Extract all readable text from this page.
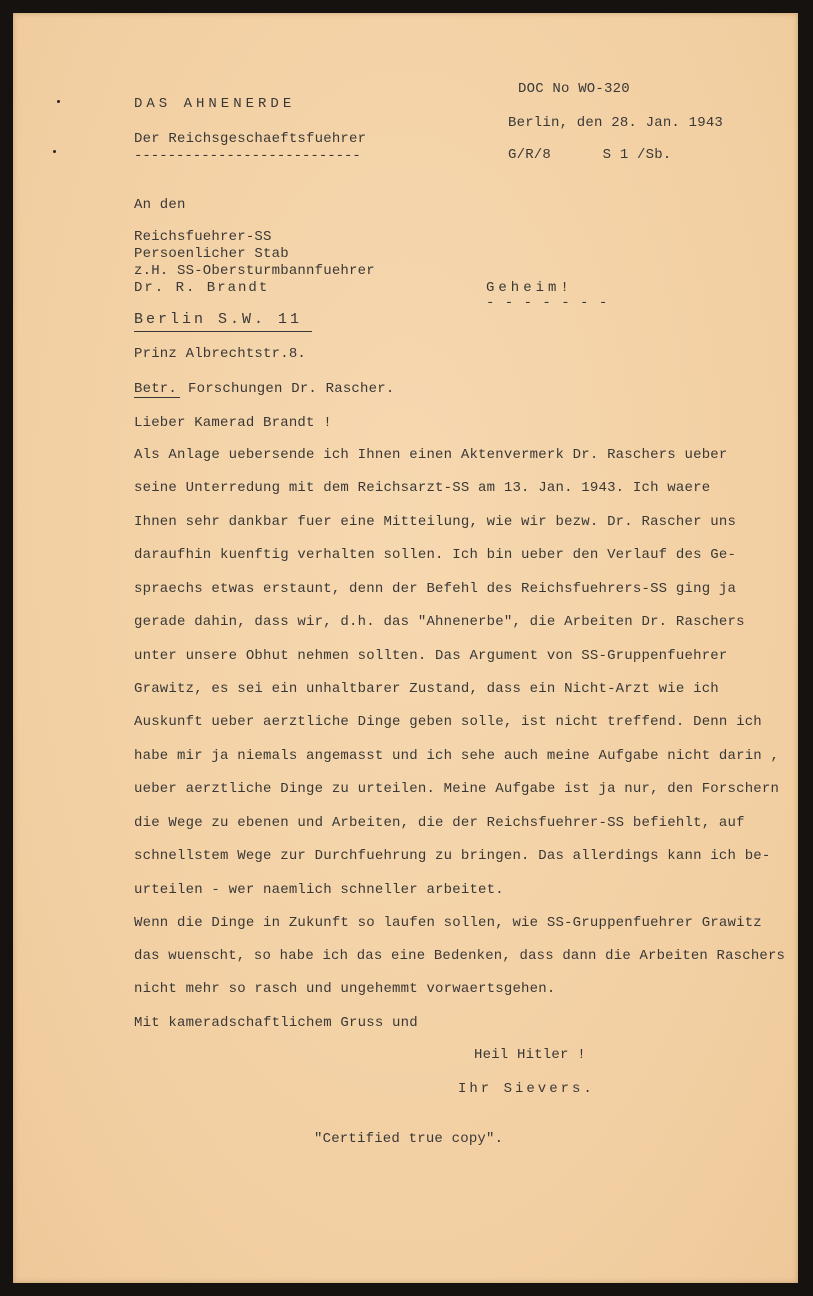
DAS AHNENERDE
Der Reichsgeschaeftsfuehrer
---------------------------
DOC No WO-320
Berlin, den 28. Jan. 1943
G/R/8      S 1 /Sb.
An den
Reichsfuehrer-SS
Persoenlicher Stab
z.H. SS-Obersturmbannfuehrer
Dr. R. Brandt
Berlin S.W. 11
Prinz Albrechtstr.8.
Geheim!
- - - - - - -
Betr. Forschungen Dr. Rascher.
Lieber Kamerad Brandt !
Als Anlage uebersende ich Ihnen einen Aktenvermerk Dr. Raschers ueber
seine Unterredung mit dem Reichsarzt-SS am 13. Jan. 1943. Ich waere
Ihnen sehr dankbar fuer eine Mitteilung, wie wir bezw. Dr. Rascher uns
daraufhin kuenftig verhalten sollen. Ich bin ueber den Verlauf des Ge-
spraechs etwas erstaunt, denn der Befehl des Reichsfuehrers-SS ging ja
gerade dahin, dass wir, d.h. das "Ahnenerbe", die Arbeiten Dr. Raschers
unter unsere Obhut nehmen sollten. Das Argument von SS-Gruppenfuehrer
Grawitz, es sei ein unhaltbarer Zustand, dass ein Nicht-Arzt wie ich
Auskunft ueber aerztliche Dinge geben solle, ist nicht treffend. Denn ich
habe mir ja niemals angemasst und ich sehe auch meine Aufgabe nicht darin ,
ueber aerztliche Dinge zu urteilen. Meine Aufgabe ist ja nur, den Forschern
die Wege zu ebenen und Arbeiten, die der Reichsfuehrer-SS befiehlt, auf
schnellstem Wege zur Durchfuehrung zu bringen. Das allerdings kann ich be-
urteilen - wer naemlich schneller arbeitet.
Wenn die Dinge in Zukunft so laufen sollen, wie SS-Gruppenfuehrer Grawitz
das wuenscht, so habe ich das eine Bedenken, dass dann die Arbeiten Raschers
nicht mehr so rasch und ungehemmt vorwaertsgehen.
Mit kameradschaftlichem Gruss und
Heil Hitler !
Ihr Sievers.
"Certified true copy".
